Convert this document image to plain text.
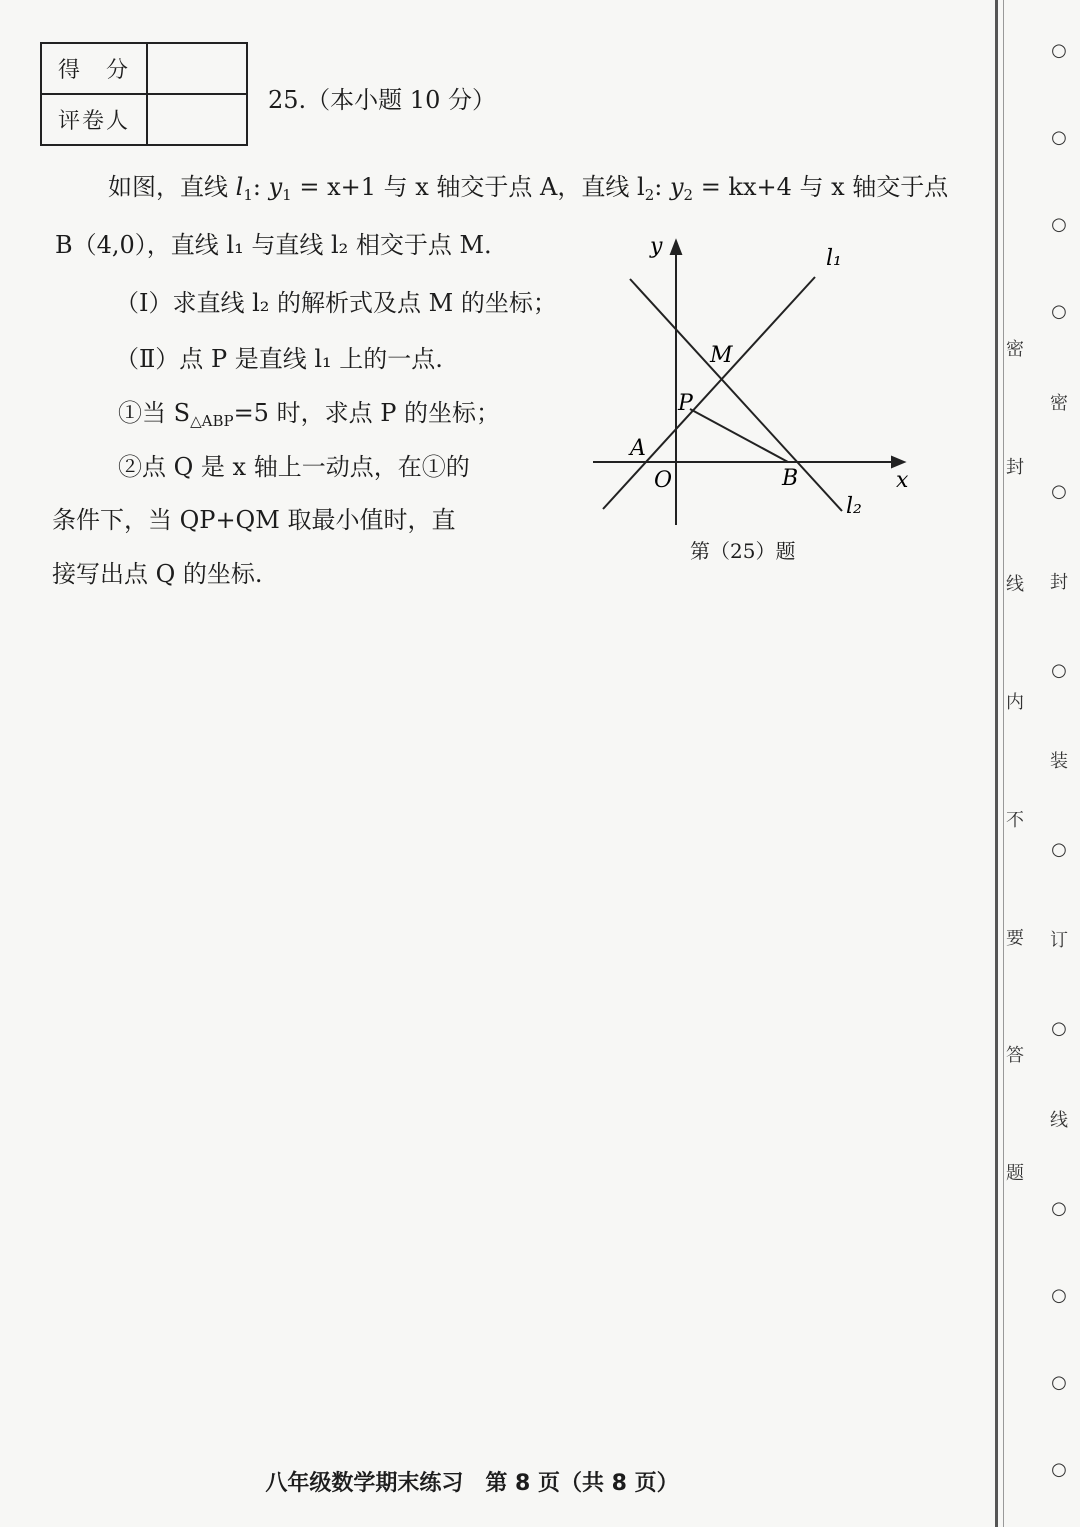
得　分	
评卷人	
25.（本小题 10 分）
如图，直线 $l_1$: $y_1 = x+1$ 与 x 轴交于点 A，直线 $l_2$: $y_2 = kx+4$ 与 x 轴交于点
B（4,0），直线 l₁ 与直线 l₂ 相交于点 M．
（Ⅰ）求直线 l₂ 的解析式及点 M 的坐标；
（Ⅱ）点 P 是直线 l₁ 上的一点.
①当 $S_{\triangle ABP}=5$ 时，求点 P 的坐标；
②点 Q 是 x 轴上一动点，在①的
条件下，当 QP+QM 取最小值时，直
接写出点 Q 的坐标.
y
x
l₁
l₂
M
P
A
O	B
第（25）题
八年级数学期末练习　第 8 页（共 8 页）
密
封
线
内
不
要
答
题
○
○
○
○
密
○
封
○
装
○
订
○
线
○
○
○
○
